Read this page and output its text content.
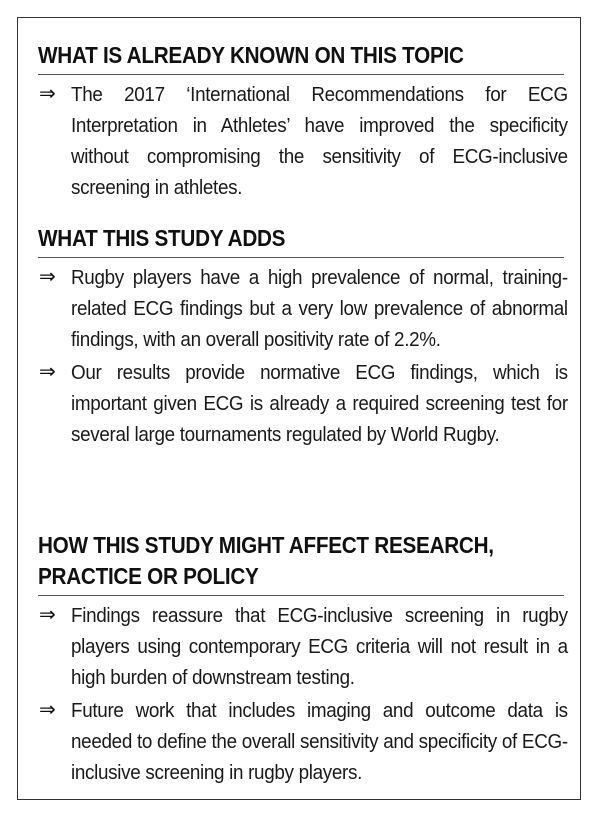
WHAT IS ALREADY KNOWN ON THIS TOPIC
⇒ The 2017 ‘International Recommendations for ECG Interpretation in Athletes’ have improved the specificity without compromising the sensitivity of ECG-inclusive screening in athletes.
WHAT THIS STUDY ADDS
⇒ Rugby players have a high prevalence of normal, training-related ECG findings but a very low prevalence of abnormal findings, with an overall positivity rate of 2.2%.
⇒ Our results provide normative ECG findings, which is important given ECG is already a required screening test for several large tournaments regulated by World Rugby.
HOW THIS STUDY MIGHT AFFECT RESEARCH,
PRACTICE OR POLICY
⇒ Findings reassure that ECG-inclusive screening in rugby players using contemporary ECG criteria will not result in a high burden of downstream testing.
⇒ Future work that includes imaging and outcome data is needed to define the overall sensitivity and specificity of ECG-inclusive screening in rugby players.
